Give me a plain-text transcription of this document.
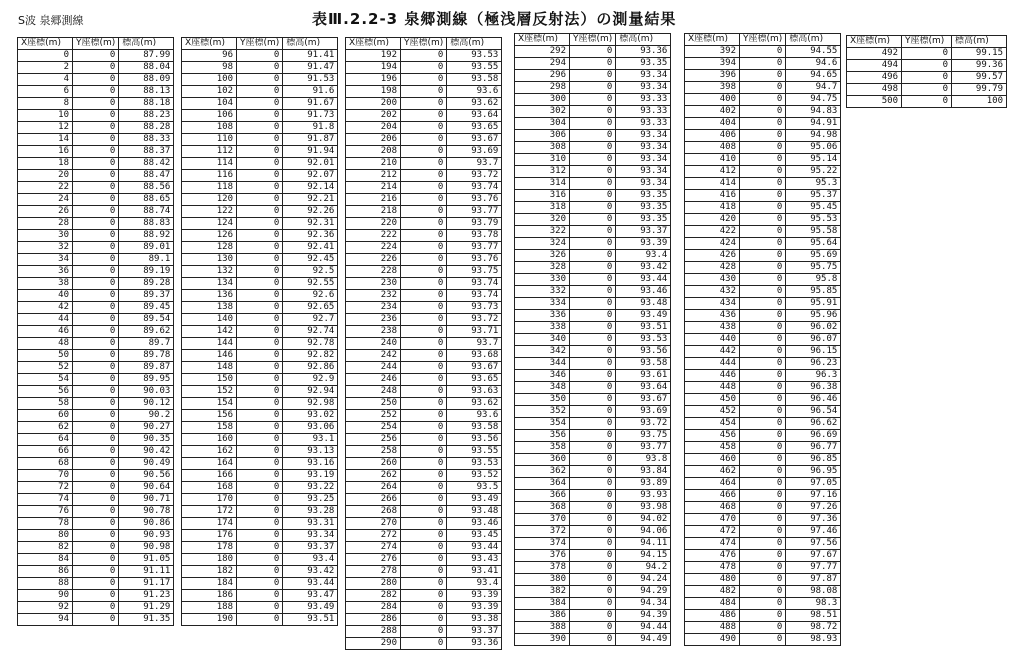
S波 泉郷測線	表Ⅲ.2.2-3 泉郷測線（極浅層反射法）の測量結果
X座標(m)	Y座標(m)	標高(m)
0	0	87.99
2	0	88.04
4	0	88.09
6	0	88.13
8	0	88.18
10	0	88.23
12	0	88.28
14	0	88.33
16	0	88.37
18	0	88.42
20	0	88.47
22	0	88.56
24	0	88.65
26	0	88.74
28	0	88.83
30	0	88.92
32	0	89.01
34	0	89.1
36	0	89.19
38	0	89.28
40	0	89.37
42	0	89.45
44	0	89.54
46	0	89.62
48	0	89.7
50	0	89.78
52	0	89.87
54	0	89.95
56	0	90.03
58	0	90.12
60	0	90.2
62	0	90.27
64	0	90.35
66	0	90.42
68	0	90.49
70	0	90.56
72	0	90.64
74	0	90.71
76	0	90.78
78	0	90.86
80	0	90.93
82	0	90.98
84	0	91.05
86	0	91.11
88	0	91.17
90	0	91.23
92	0	91.29
94	0	91.35
X座標(m)	Y座標(m)	標高(m)
96	0	91.41
98	0	91.47
100	0	91.53
102	0	91.6
104	0	91.67
106	0	91.73
108	0	91.8
110	0	91.87
112	0	91.94
114	0	92.01
116	0	92.07
118	0	92.14
120	0	92.21
122	0	92.26
124	0	92.31
126	0	92.36
128	0	92.41
130	0	92.45
132	0	92.5
134	0	92.55
136	0	92.6
138	0	92.65
140	0	92.7
142	0	92.74
144	0	92.78
146	0	92.82
148	0	92.86
150	0	92.9
152	0	92.94
154	0	92.98
156	0	93.02
158	0	93.06
160	0	93.1
162	0	93.13
164	0	93.16
166	0	93.19
168	0	93.22
170	0	93.25
172	0	93.28
174	0	93.31
176	0	93.34
178	0	93.37
180	0	93.4
182	0	93.42
184	0	93.44
186	0	93.47
188	0	93.49
190	0	93.51
X座標(m)	Y座標(m)	標高(m)
192	0	93.53
194	0	93.55
196	0	93.58
198	0	93.6
200	0	93.62
202	0	93.64
204	0	93.65
206	0	93.67
208	0	93.69
210	0	93.7
212	0	93.72
214	0	93.74
216	0	93.76
218	0	93.77
220	0	93.79
222	0	93.78
224	0	93.77
226	0	93.76
228	0	93.75
230	0	93.74
232	0	93.74
234	0	93.73
236	0	93.72
238	0	93.71
240	0	93.7
242	0	93.68
244	0	93.67
246	0	93.65
248	0	93.63
250	0	93.62
252	0	93.6
254	0	93.58
256	0	93.56
258	0	93.55
260	0	93.53
262	0	93.52
264	0	93.5
266	0	93.49
268	0	93.48
270	0	93.46
272	0	93.45
274	0	93.44
276	0	93.43
278	0	93.41
280	0	93.4
282	0	93.39
284	0	93.39
286	0	93.38
288	0	93.37
290	0	93.36
X座標(m)	Y座標(m)	標高(m)
292	0	93.36
294	0	93.35
296	0	93.34
298	0	93.34
300	0	93.33
302	0	93.33
304	0	93.33
306	0	93.34
308	0	93.34
310	0	93.34
312	0	93.34
314	0	93.34
316	0	93.35
318	0	93.35
320	0	93.35
322	0	93.37
324	0	93.39
326	0	93.4
328	0	93.42
330	0	93.44
332	0	93.46
334	0	93.48
336	0	93.49
338	0	93.51
340	0	93.53
342	0	93.56
344	0	93.58
346	0	93.61
348	0	93.64
350	0	93.67
352	0	93.69
354	0	93.72
356	0	93.75
358	0	93.77
360	0	93.8
362	0	93.84
364	0	93.89
366	0	93.93
368	0	93.98
370	0	94.02
372	0	94.06
374	0	94.11
376	0	94.15
378	0	94.2
380	0	94.24
382	0	94.29
384	0	94.34
386	0	94.39
388	0	94.44
390	0	94.49
X座標(m)	Y座標(m)	標高(m)
392	0	94.55
394	0	94.6
396	0	94.65
398	0	94.7
400	0	94.75
402	0	94.83
404	0	94.91
406	0	94.98
408	0	95.06
410	0	95.14
412	0	95.22
414	0	95.3
416	0	95.37
418	0	95.45
420	0	95.53
422	0	95.58
424	0	95.64
426	0	95.69
428	0	95.75
430	0	95.8
432	0	95.85
434	0	95.91
436	0	95.96
438	0	96.02
440	0	96.07
442	0	96.15
444	0	96.23
446	0	96.3
448	0	96.38
450	0	96.46
452	0	96.54
454	0	96.62
456	0	96.69
458	0	96.77
460	0	96.85
462	0	96.95
464	0	97.05
466	0	97.16
468	0	97.26
470	0	97.36
472	0	97.46
474	0	97.56
476	0	97.67
478	0	97.77
480	0	97.87
482	0	98.08
484	0	98.3
486	0	98.51
488	0	98.72
490	0	98.93
X座標(m)	Y座標(m)	標高(m)
492	0	99.15
494	0	99.36
496	0	99.57
498	0	99.79
500	0	100
